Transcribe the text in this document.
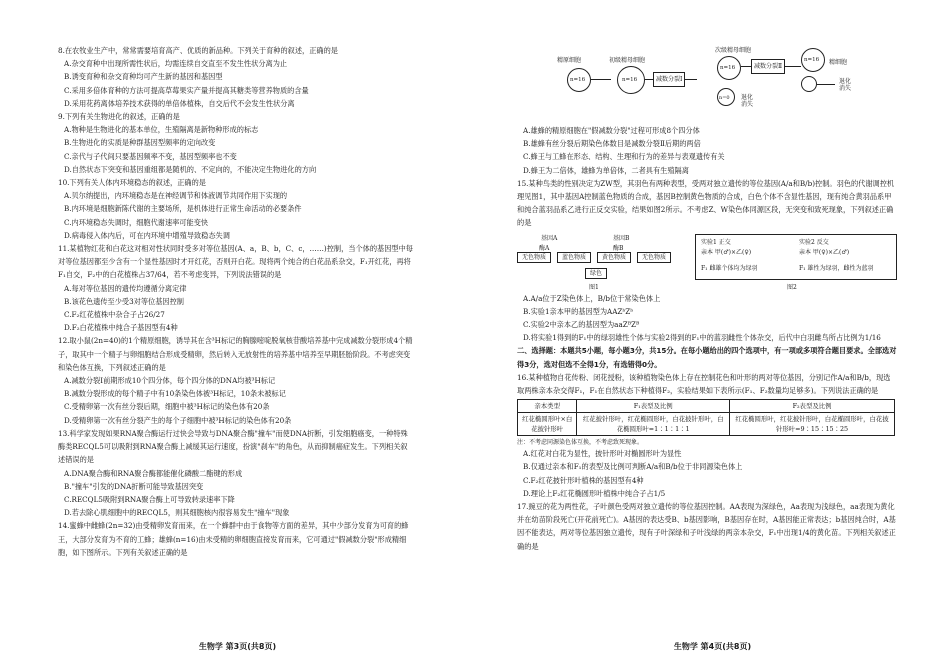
8.在农牧业生产中，常常需要培育高产、优质的新品种。下列关于育种的叙述，正确的是
A.杂交育种中出现所需性状后，均需连续自交直至不发生性状分离为止
B.诱变育种和杂交育种均可产生新的基因和基因型
C.采用多倍体育种的方法可提高草莓果实产量并提高其糖类等营养物质的含量
D.采用花药离体培养技术获得的单倍体植株，自交后代不会发生性状分离
9.下列有关生物进化的叙述，正确的是
A.物种是生物进化的基本单位，生殖隔离是新物种形成的标志
B.生物进化的实质是种群基因型频率的定向改变
C.亲代与子代间只要基因频率不变，基因型频率也不变
D.自然状态下突变和基因重组都是随机的、不定向的，不能决定生物进化的方向
10.下列有关人体内环境稳态的叙述，正确的是
A.贝尔纳提出，内环境稳态是在神经调节和体液调节共同作用下实现的
B.内环境是细胞新陈代谢的主要场所，是机体进行正常生命活动的必要条件
C.内环境稳态失调时，细胞代谢速率可能变快
D.病毒侵入体内后，可在内环境中增殖导致稳态失调
11.某植物红花和白花这对相对性状同时受多对等位基因(A、a，B、b，C、c，……)控制，当个体的基因型中每对等位基因都至少含有一个显性基因时才开红花，否则开白花。现将两个纯合的白花品系杂交，F₁开红花，再将F₁自交，F₂中的白花植株占37/64，若不考虑变异，下列说法错误的是
A.每对等位基因的遗传均遵循分离定律
B.该花色遗传至少受3对等位基因控制
C.F₂红花植株中杂合子占26/27
D.F₂白花植株中纯合子基因型有4种
12.取小鼠(2n=40)的1个精原细胞，诱导其在含³H标记的胸腺嘧啶脱氧核苷酸培养基中完成减数分裂形成4个精子，取其中一个精子与卵细胞结合形成受精卵，然后转入无放射性的培养基中培养至早期胚胎阶段。不考虑突变和染色体互换，下列叙述正确的是
A.减数分裂Ⅰ前期形成10个四分体，每个四分体的DNA均被³H标记
B.减数分裂形成的每个精子中有10条染色体被³H标记，10条未被标记
C.受精卵第一次有丝分裂后期，细胞中被³H标记的染色体有20条
D.受精卵第一次有丝分裂产生的每个子细胞中被³H标记的染色体有20条
13.科学家发现如果RNA聚合酶运行过快会导致与DNA聚合酶"撞车"而使DNA折断，引发细胞癌变，一种特殊酶类RECQL5可以吸附到RNA聚合酶上减缓其运行速度，扮演"刹车"的角色，从而抑制癌症发生。下列相关叙述错误的是
A.DNA聚合酶和RNA聚合酶都能催化磷酸二酯键的形成
B."撞车"引发的DNA折断可能导致基因突变
C.RECQL5吸附到RNA聚合酶上可导致转录速率下降
D.若去除心肌细胞中的RECQL5，则其细胞核内很容易发生"撞车"现象
14.蜜蜂中雌蜂(2n=32)由受精卵发育而来，在一个蜂群中由于食物等方面的差异，其中少部分发育为可育的蜂王，大部分发育为不育的工蜂；雄蜂(n=16)由未受精的卵细胞直接发育而来，它可通过"假减数分裂"形成精细胞，如下图所示。下列有关叙述正确的是
生物学 第3页(共8页)
精原细胞
n=16
初级精母细胞
n=16	减数分裂Ⅰ
次级精母细胞
n=16
n=0 退化
消失
减数分裂Ⅱ
n=16 精细胞
退化
消失
A.雄蜂的精原细胞在"假减数分裂"过程可形成8个四分体
B.雄蜂有丝分裂后期染色体数目是减数分裂Ⅱ后期的两倍
C.蜂王与工蜂在形态、结构、生理和行为的差异与表观遗传有关
D.蜂王为二倍体，雄蜂为单倍体，二者具有生殖隔离
15.某种鸟类的性别决定为ZW型，其羽色有两种表型，受两对独立遗传的等位基因(A/a和B/b)控制。羽色的代谢调控机理见图1，其中基因A控制蓝色物质的合成，基因B控制黄色物质的合成，白色个体不含显性基因，现有纯合黄羽品系甲和纯合蓝羽品系乙进行正反交实验，结果如图2所示。不考虑Z、W染色体同源区段，无突变和致死现象，下列叙述正确的是
基因A	基因B
酶A	酶B
无色物质	蓝色物质	黄色物质	无色物质
绿色
图1
实验1 正交
亲本 甲(♂)×乙(♀)
F₁ 雌雄个体均为绿羽
实验2 反交
亲本 甲(♀)×乙(♂)
F₁ 雄性为绿羽，雌性为蓝羽
图2
A.A/a位于Z染色体上，B/b位于常染色体上
B.实验1亲本甲的基因型为AAZᵇZᵇ
C.实验2中亲本乙的基因型为aaZᴮZᴮ
D.将实验1得到的F₁中的绿羽雄性个体与实验2得到的F₁中的蓝羽雌性个体杂交，后代中白羽雌鸟所占比例为1/16
二、选择题：本题共5小题，每小题3分，共15分。在每小题给出的四个选项中，有一项或多项符合题目要求。全部选对得3分，选对但选不全得1分，有选错得0分。
16.某种植物自花传粉、闭花授粉，该种植物染色体上存在控制花色和叶形的两对等位基因，分别记作A/a和B/b，现选取两株亲本杂交得F₁，F₁在自然状态下种植得F₂，实验结果如下表所示(F₁、F₂数量均足够多)。下列说法正确的是
亲本类型	F₁表型及比例	F₂表型及比例
红花椭圆形叶×白花披针形叶	红花披针形叶，红花椭圆形叶，白花披针形叶，白花椭圆形叶=1∶1∶1∶1	红花椭圆形叶，红花披针形叶，白花椭圆形叶，白花披针形叶=9∶15∶15∶25
注：不考虑同源染色体互换，不考虑致死现象。
A.红花对白花为显性，披针形叶对椭圆形叶为显性
B.仅通过亲本和F₁的表型及比例可判断A/a和B/b位于非同源染色体上
C.F₂红花披针形叶植株的基因型有4种
D.理论上F₂红花椭圆形叶植株中纯合子占1/5
17.豌豆的花为两性花，子叶颜色受两对独立遗传的等位基因控制。AA表现为深绿色，Aa表现为浅绿色，aa表现为黄化并在幼苗阶段死亡(开花前死亡)。A基因的表达受B、b基因影响，B基因存在时，A基因能正常表达；b基因纯合时，A基因不能表达，两对等位基因独立遗传，现有子叶深绿和子叶浅绿的两亲本杂交，F₁中出现1/4的黄化苗。下列相关叙述正确的是
生物学 第4页(共8页)
